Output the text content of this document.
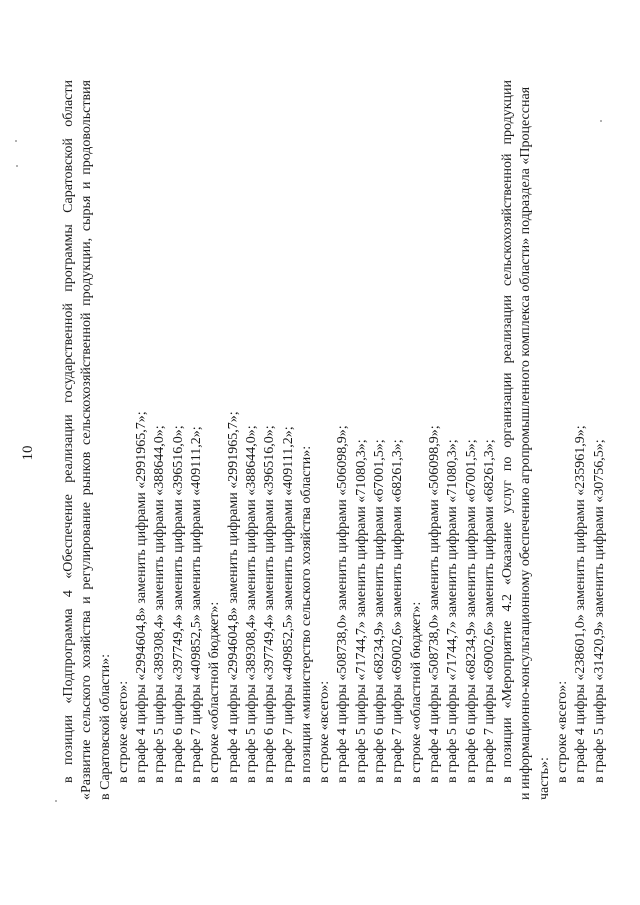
10 в позиции «Подпрограмма 4 «Обеспечение реализации государственной программы Саратовской области «Развитие сельского хозяйства и регулирование рынков сельскохозяйственной продукции, сырья и продовольствия в Саратовской области»: в строке «всего»: в графе 4 цифры «2994604,8» заменить цифрами «2991965,7»; в графе 5 цифры «389308,4» заменить цифрами «388644,0»; в графе 6 цифры «397749,4» заменить цифрами «396516,0»; в графе 7 цифры «409852,5» заменить цифрами «409111,2»; в строке «областной бюджет»: в графе 4 цифры «2994604,8» заменить цифрами «2991965,7»; в графе 5 цифры «389308,4» заменить цифрами «388644,0»; в графе 6 цифры «397749,4» заменить цифрами «396516,0»; в графе 7 цифры «409852,5» заменить цифрами «409111,2»; в позиции «министерство сельского хозяйства области»: в строке «всего»: в графе 4 цифры «508738,0» заменить цифрами «506098,9»; в графе 5 цифры «71744,7» заменить цифрами «71080,3»; в графе 6 цифры «68234,9» заменить цифрами «67001,5»; в графе 7 цифры «69002,6» заменить цифрами «68261,3»; в строке «областной бюджет»: в графе 4 цифры «508738,0» заменить цифрами «506098,9»; в графе 5 цифры «71744,7» заменить цифрами «71080,3»; в графе 6 цифры «68234,9» заменить цифрами «67001,5»; в графе 7 цифры «69002,6» заменить цифрами «68261,3»; в позиции «Мероприятие 4.2 «Оказание услуг по организации реализации сельскохозяйственной продукции и информационно-консультационному обеспечению агропромышленного комплекса области» подраздела «Процессная часть»: в строке «всего»: в графе 4 цифры «238601,0» заменить цифрами «235961,9»; в графе 5 цифры «31420,9» заменить цифрами «30756,5»;
